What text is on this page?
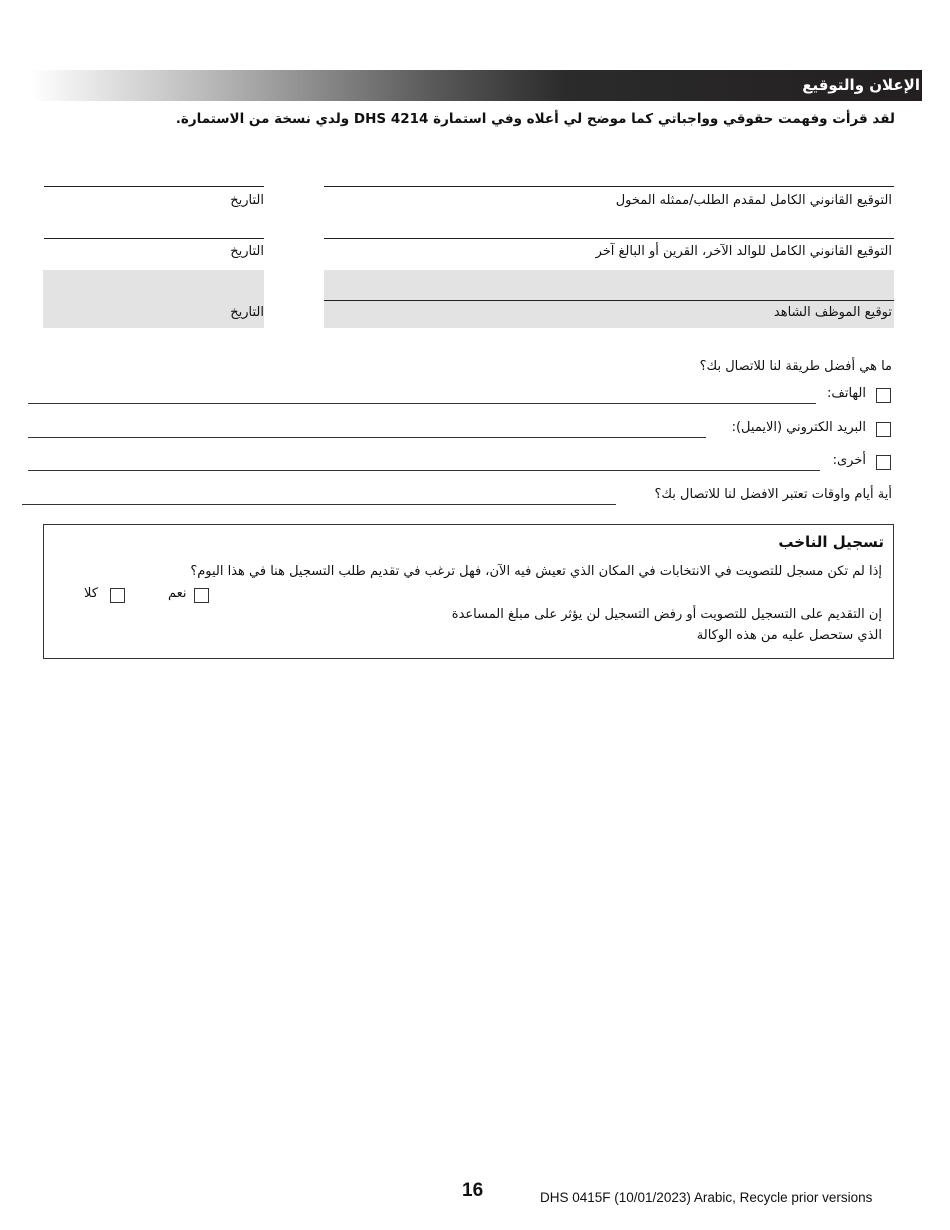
الإعلان والتوقيع
لقد قرأت وفهمت حقوقي وواجباتي كما موضح لي أعلاه وفي استمارة DHS 4214 ولدي نسخة من الاستمارة.
التوقيع القانوني الكامل لمقدم الطلب/ممثله المخول
التاريخ
التوقيع القانوني الكامل للوالد الآخر، القرين أو البالغ آخر
التاريخ
توقيع الموظف الشاهد
التاريخ
ما هي أفضل طريقة لنا للاتصال بك؟
الهاتف:
البريد الكتروني (الايميل):
أخرى:
أية أيام واوقات تعتبر الافضل لنا للاتصال بك؟
تسجيل الناخب
إذا لم تكن مسجل للتصويت في الانتخابات في المكان الذي تعيش فيه الآن، فهل ترغب في تقديم طلب التسجيل هنا في هذا اليوم؟
نعم
كلا
إن التقديم على التسجيل للتصويت أو رفض التسجيل لن يؤثر على مبلغ المساعدة
الذي ستحصل عليه من هذه الوكالة
16	DHS 0415F (10/01/2023) Arabic, Recycle prior versions
